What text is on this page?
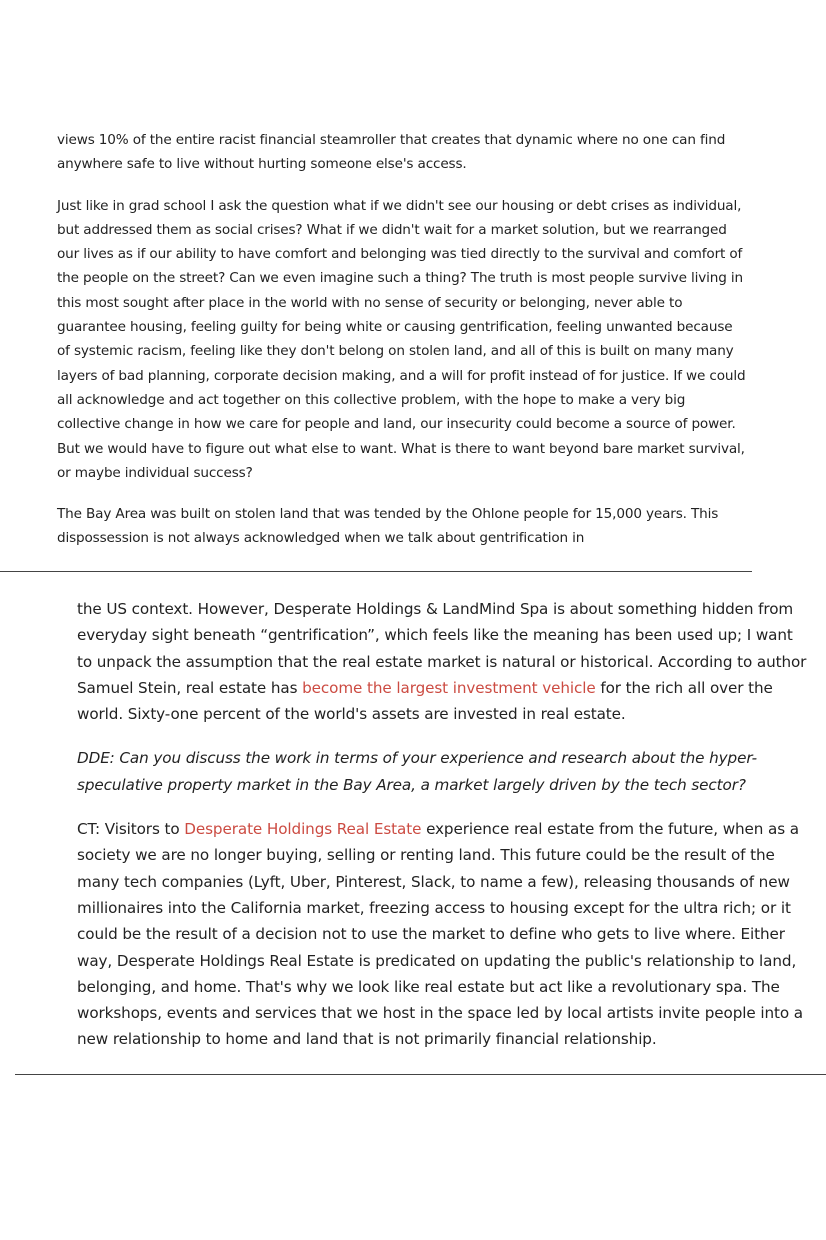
views 10% of the entire racist financial steamroller that creates that dynamic where no one can find anywhere safe to live without hurting someone else's access.

Just like in grad school I ask the question what if we didn't see our housing or debt crises as individual, but addressed them as social crises? What if we didn't wait for a market solution, but we rearranged our lives as if our ability to have comfort and belonging was tied directly to the survival and comfort of the people on the street? Can we even imagine such a thing? The truth is most people survive living in this most sought after place in the world with no sense of security or belonging, never able to guarantee housing, feeling guilty for being white or causing gentrification, feeling unwanted because of systemic racism, feeling like they don't belong on stolen land, and all of this is built on many many layers of bad planning, corporate decision making, and a will for profit instead of for justice. If we could all acknowledge and act together on this collective problem, with the hope to make a very big collective change in how we care for people and land, our insecurity could become a source of power. But we would have to figure out what else to want. What is there to want beyond bare market survival, or maybe individual success?

The Bay Area was built on stolen land that was tended by the Ohlone people for 15,000 years. This dispossession is not always acknowledged when we talk about gentrification in

the US context. However, Desperate Holdings & LandMind Spa is about something hidden from everyday sight beneath “gentrification”, which feels like the meaning has been used up; I want to unpack the assumption that the real estate market is natural or historical. According to author Samuel Stein, real estate has become the largest investment vehicle for the rich all over the world. Sixty-one percent of the world's assets are invested in real estate.

DDE: Can you discuss the work in terms of your experience and research about the hyper-speculative property market in the Bay Area, a market largely driven by the tech sector?

CT: Visitors to Desperate Holdings Real Estate experience real estate from the future, when as a society we are no longer buying, selling or renting land. This future could be the result of the many tech companies (Lyft, Uber, Pinterest, Slack, to name a few), releasing thousands of new millionaires into the California market, freezing access to housing except for the ultra rich; or it could be the result of a decision not to use the market to define who gets to live where. Either way, Desperate Holdings Real Estate is predicated on updating the public's relationship to land, belonging, and home. That's why we look like real estate but act like a revolutionary spa. The workshops, events and services that we host in the space led by local artists invite people into a new relationship to home and land that is not primarily financial relationship.
